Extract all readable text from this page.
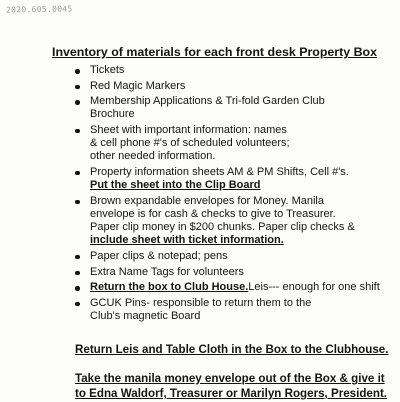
2020.605.0045
Inventory of materials for each front desk Property Box
Tickets
Red Magic Markers
Membership Applications & Tri-fold Garden Club
Brochure
Sheet with important information: names
& cell phone #'s of scheduled volunteers;
other needed information.
Property information sheets AM & PM Shifts, Cell #'s.
Put the sheet into the Clip Board
Brown expandable envelopes for Money. Manila
envelope is for cash & checks to give to Treasurer.
Paper clip money in $200 chunks. Paper clip checks &
include sheet with ticket information.
Paper clips & notepad; pens
Extra Name Tags for volunteers
Return the box to Club House.Leis--- enough for one shift
GCUK Pins- responsible to return them to the
Club's magnetic Board
Return Leis and Table Cloth in the Box to the Clubhouse.
Take the manila money envelope out of the Box & give it
to Edna Waldorf, Treasurer or Marilyn Rogers, President.
